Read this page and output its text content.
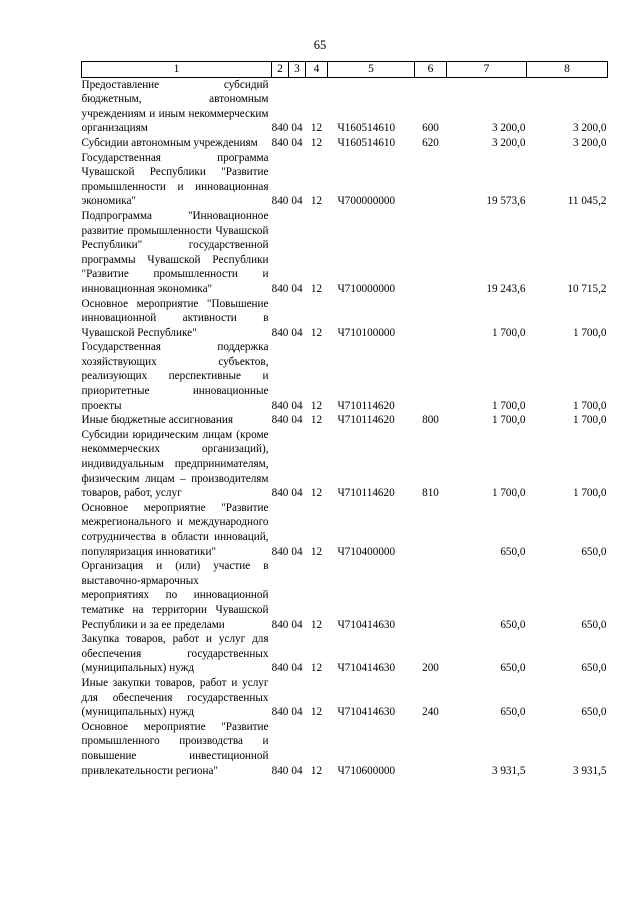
65
1	2	3	4	5	6	7	8
Предоставление субсидий бюджетным, автономным учреждениям и иным некоммерческим организациям	840	04	12	Ч160514610	600	3 200,0	3 200,0
Субсидии автономным учреждениям	840	04	12	Ч160514610	620	3 200,0	3 200,0
Государственная программа Чувашской Республики "Развитие промышленности и инновационная экономика"	840	04	12	Ч700000000		19 573,6	11 045,2
Подпрограмма "Инновационное развитие промышленности Чувашской Республики" государственной программы Чувашской Республики "Развитие промышленности и инновационная экономика"	840	04	12	Ч710000000		19 243,6	10 715,2
Основное мероприятие "Повышение инновационной активности в Чувашской Республике"	840	04	12	Ч710100000		1 700,0	1 700,0
Государственная поддержка хозяйствующих субъектов, реализующих перспективные и приоритетные инновационные проекты	840	04	12	Ч710114620		1 700,0	1 700,0
Иные бюджетные ассигнования	840	04	12	Ч710114620	800	1 700,0	1 700,0
Субсидии юридическим лицам (кроме некоммерческих организаций), индивидуальным предпринимателям, физическим лицам – производителям товаров, работ, услуг	840	04	12	Ч710114620	810	1 700,0	1 700,0
Основное мероприятие "Развитие межрегионального и международного сотрудничества в области инноваций, популяризация инноватики"	840	04	12	Ч710400000		650,0	650,0
Организация и (или) участие в выставочно-ярмарочных мероприятиях по инновационной тематике на территории Чувашской Республики и за ее пределами	840	04	12	Ч710414630		650,0	650,0
Закупка товаров, работ и услуг для обеспечения государственных (муниципальных) нужд	840	04	12	Ч710414630	200	650,0	650,0
Иные закупки товаров, работ и услуг для обеспечения государственных (муниципальных) нужд	840	04	12	Ч710414630	240	650,0	650,0
Основное мероприятие "Развитие промышленного производства и повышение инвестиционной привлекательности региона"	840	04	12	Ч710600000		3 931,5	3 931,5
